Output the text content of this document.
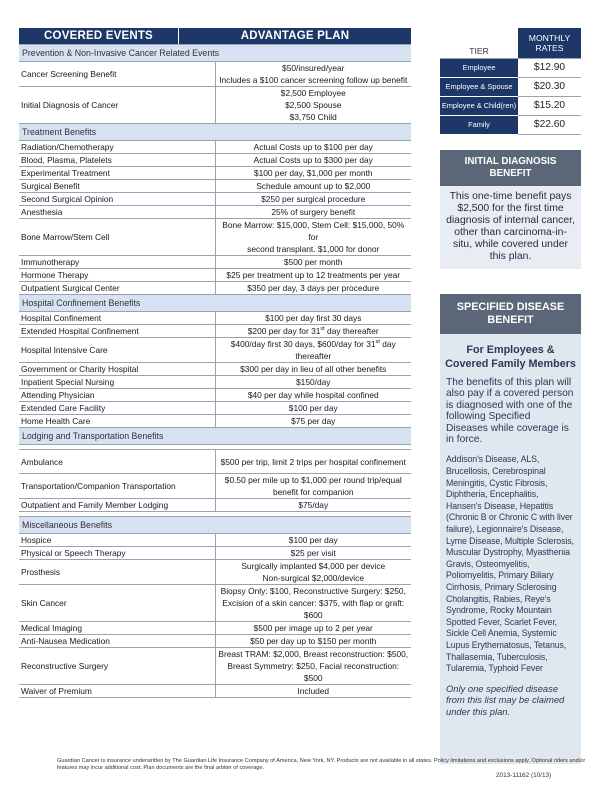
COVERED EVENTS	ADVANTAGE PLAN
Prevention & Non-Invasive Cancer Related Events	
Cancer Screening Benefit	$50/insured/year
Includes a $100 cancer screening follow up benefit
Initial Diagnosis of Cancer	$2,500 Employee
$2,500 Spouse
$3,750 Child
Treatment Benefits	
Radiation/Chemotherapy	Actual Costs up to $100 per day
Blood, Plasma, Platelets	Actual Costs up to $300 per day
Experimental Treatment	$100 per day, $1,000 per month
Surgical Benefit	Schedule amount up to $2,000
Second Surgical Opinion	$250 per surgical procedure
Anesthesia	25% of surgery benefit
Bone Marrow/Stem Cell	Bone Marrow: $15,000, Stem Cell: $15,000, 50% for
second transplant. $1,000 for donor
Immunotherapy	$500 per month
Hormone Therapy	$25 per treatment up to 12 treatments per year
Outpatient Surgical Center	$350 per day, 3 days per procedure
Hospital Confinement Benefits	
Hospital Confinement	$100 per day first 30 days
Extended Hospital Confinement	$200 per day for 31st day thereafter
Hospital Intensive Care	$400/day first 30 days, $600/day for 31st day
thereafter
Government or Charity Hospital	$300 per day in lieu of all other benefits
Inpatient Special Nursing	$150/day
Attending Physician	$40 per day while hospital confined
Extended Care Facility	$100 per day
Home Health Care	$75 per day
Lodging and Transportation Benefits	

Ambulance	$500 per trip, limit 2 trips per hospital confinement
Transportation/Companion Transportation	$0.50 per mile up to $1,000 per round trip/equal
benefit for companion
Outpatient and Family Member Lodging	$75/day

Miscellaneous Benefits	
Hospice	$100 per day
Physical or Speech Therapy	$25 per visit
Prosthesis	Surgically implanted $4,000 per device
Non-surgical $2,000/device
Skin Cancer	Biopsy Only: $100, Reconstructive Surgery: $250,
Excision of a skin cancer: $375, with flap or graft:
$600
Medical Imaging	$500 per image up to 2 per year
Anti-Nausea Medication	$50 per day up to $150 per month
Reconstructive Surgery	Breast TRAM: $2,000, Breast reconstruction: $500,
Breast Symmetry: $250, Facial reconstruction: $500
Waiver of Premium	Included
TIER	MONTHLY RATES
Employee	$12.90
Employee & Spouse	$20.30
Employee & Child(ren)	$15.20
Family	$22.60
INITIAL DIAGNOSIS BENEFIT
This one-time benefit pays $2,500 for the first time diagnosis of internal cancer, other than carcinoma-in-situ, while covered under this plan.
SPECIFIED DISEASE BENEFIT
For Employees & Covered Family Members
The benefits of this plan will also pay if a covered person is diagnosed with one of the following Specified Diseases while coverage is in force.
Addison's Disease, ALS, Brucellosis, Cerebrospinal Meningitis, Cystic Fibrosis, Diphtheria, Encephalitis, Hansen's Disease, Hepatitis (Chronic B or Chronic C with liver failure), Legionnaire's Disease, Lyme Disease, Multiple Sclerosis, Muscular Dystrophy, Myasthenia Gravis, Osteomyelitis, Poliomyelitis, Primary Biliary Cirrhosis, Primary Sclerosing Cholangitis, Rabies, Reye's Syndrome, Rocky Mountain Spotted Fever, Scarlet Fever, Sickle Cell Anemia, Systemic Lupus Erythematosus, Tetanus, Thallasemia, Tuberculosis, Tularemia, Typhoid Fever
Only one specified disease from this list may be claimed under this plan.
Guardian Cancer is insurance underwritten by The Guardian Life Insurance Company of America, New York, NY. Products are not available in all states. Policy limitations and exclusions apply. Optional riders and/or features may incur additional cost. Plan documents are the final arbiter of coverage.
2013-11162 (10/13)
